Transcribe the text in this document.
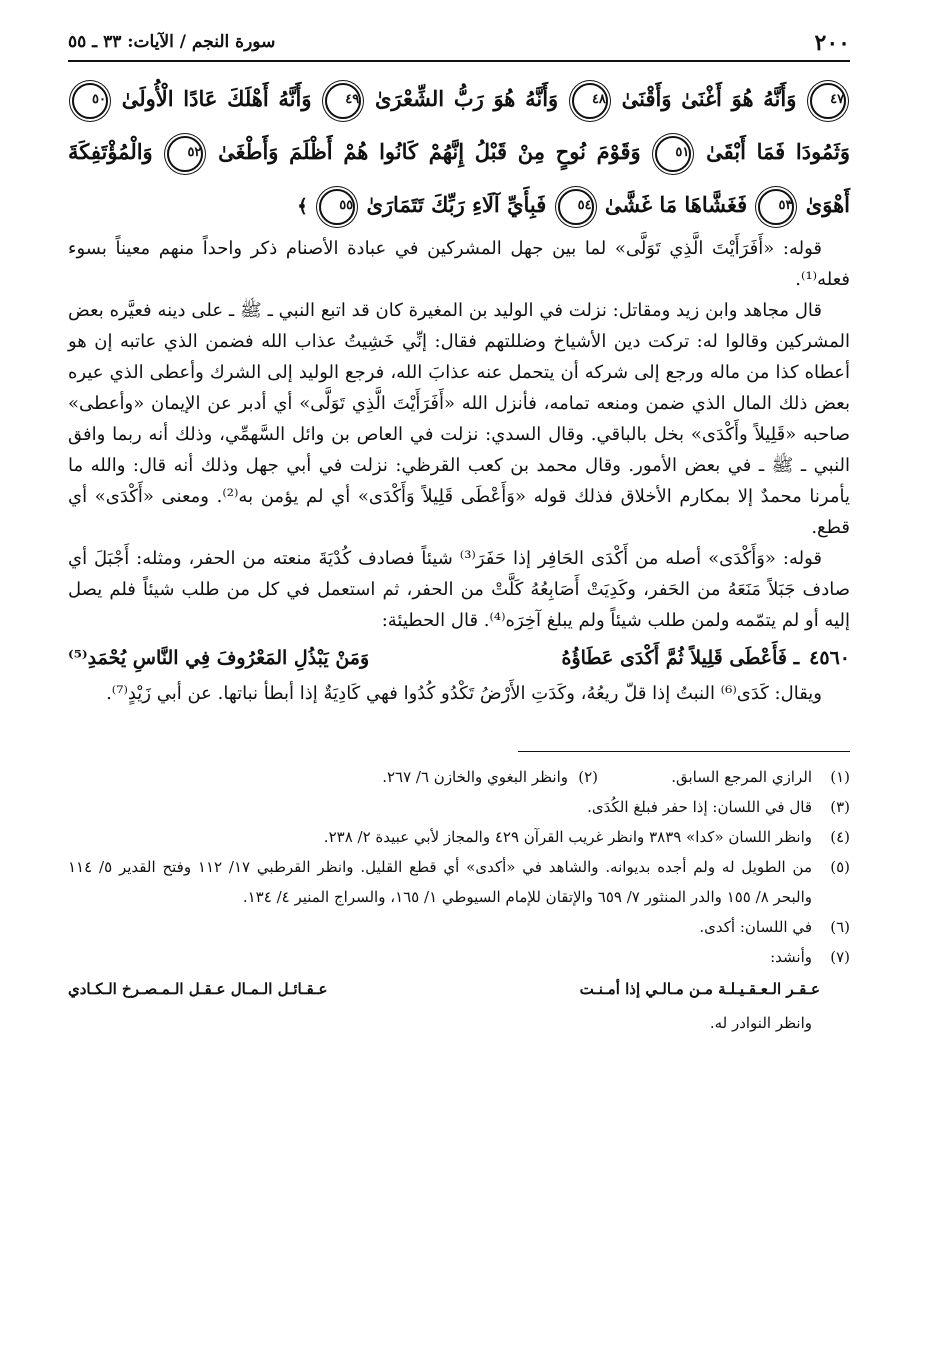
٢٠٠
سورة النجم / الآيات: ٣٣ ـ ٥٥
٤٧ وَأَنَّهُ هُوَ أَغْنَىٰ وَأَقْنَىٰ ٤٨ وَأَنَّهُ هُوَ رَبُّ الشِّعْرَىٰ ٤٩ وَأَنَّهُ أَهْلَكَ عَادًا الْأُولَىٰ ٥٠ وَثَمُودَا فَمَا أَبْقَىٰ ٥١ وَقَوْمَ نُوحٍ مِنْ قَبْلُ إِنَّهُمْ كَانُوا هُمْ أَظْلَمَ وَأَطْغَىٰ ٥٢ وَالْمُؤْتَفِكَةَ أَهْوَىٰ ٥٣ فَغَشَّاهَا مَا غَشَّىٰ ٥٤ فَبِأَيِّ آلَاءِ رَبِّكَ تَتَمَارَىٰ ٥٥ ﴾

قوله: «أَفَرَأَيْتَ الَّذِي تَوَلَّى» لما بين جهل المشركين في عبادة الأصنام ذكر واحداً منهم معيناً بسوء فعله⁽¹⁾.

قال مجاهد وابن زيد ومقاتل: نزلت في الوليد بن المغيرة كان قد اتبع النبي ـ ﷺ ـ على دينه فعيَّره بعض المشركين وقالوا له: تركت دين الأشياخ وضللتهم فقال: إنِّي خَشِيتُ عذاب الله فضمن الذي عاتبه إن هو أعطاه كذا من ماله ورجع إلى شركه أن يتحمل عنه عذابَ الله، فرجع الوليد إلى الشرك وأعطى الذي عيره بعض ذلك المال الذي ضمن ومنعه تمامه، فأنزل الله «أَفَرَأَيْتَ الَّذِي تَوَلَّى» أي أدبر عن الإيمان «وأعطى» صاحبه «قَلِيلاً وأَكْدَى» بخل بالباقي. وقال السدي: نزلت في العاص بن وائل السَّهمِّي، وذلك أنه ربما وافق النبي ـ ﷺ ـ في بعض الأمور. وقال محمد بن كعب القرظي: نزلت في أبي جهل وذلك أنه قال: والله ما يأمرنا محمدٌ إلا بمكارم الأخلاق فذلك قوله «وَأَعْطَى قَلِيلاً وَأَكْدَى» أي لم يؤمن به⁽²⁾. ومعنى «أَكْدَى» أي قطع.

قوله: «وَأَكْدَى» أصله من أَكْدَى الحَافِر إذا حَفَرَ⁽³⁾ شيئاً فصادف كُدْيَةَ منعته من الحفر، ومثله: أَجْبَلَ أي صادف جَبَلاً مَنَعَهُ من الحَفر، وكَدِيَتْ أَصَابِعُهُ كَلَّتْ من الحفر، ثم استعمل في كل من طلب شيئاً فلم يصل إليه أو لم يتمّمه ولمن طلب شيئاً ولم يبلغ آخِرَه⁽⁴⁾. قال الحطيئة:

٤٥٦٠ـ فَأَعْطَى قَلِيلاً ثُمَّ أَكْدَى عَطَاؤُهُ
وَمَنْ يَبْذُلِ المَعْرُوفَ فِي النَّاسِ يُحْمَدِ⁽⁵⁾

ويقال: كَدَى⁽⁶⁾ النبتُ إذا قلّ ريعُهُ، وكَدَتِ الأَرْضُ تَكْدُو كُدُوا فهي كَادِيَةٌ إذا أبطأ نباتها. عن أبي زَيْدٍ⁽⁷⁾.

(١)
الرازي المرجع السابق.
(٢)
وانظر البغوي والخازن ٦/ ٢٦٧.
(٣)
قال في اللسان: إذا حفر فبلغ الكُدَى.
(٤)
وانظر اللسان «كدا» ٣٨٣٩ وانظر غريب القرآن ٤٢٩ والمجاز لأبي عبيدة ٢/ ٢٣٨.
(٥)
من الطويل له ولم أجده بديوانه. والشاهد في «أكدى» أي قطع القليل. وانظر القرطبي ١٧/ ١١٢ وفتح القدير ٥/ ١١٤ والبحر ٨/ ١٥٥ والدر المنثور ٧/ ٦٥٩ والإتقان للإمام السيوطي ١/ ١٦٥، والسراج المنير ٤/ ١٣٤.
(٦)
في اللسان: أكدى.
(٧)
وأنشد:
عـقـر الـعـقـيـلـة مـن مـالـي إذا أمـنـت
عـقـائـل الـمـال عـقـل الـمـصـرخ الـكـادي
وانظر النوادر له.
